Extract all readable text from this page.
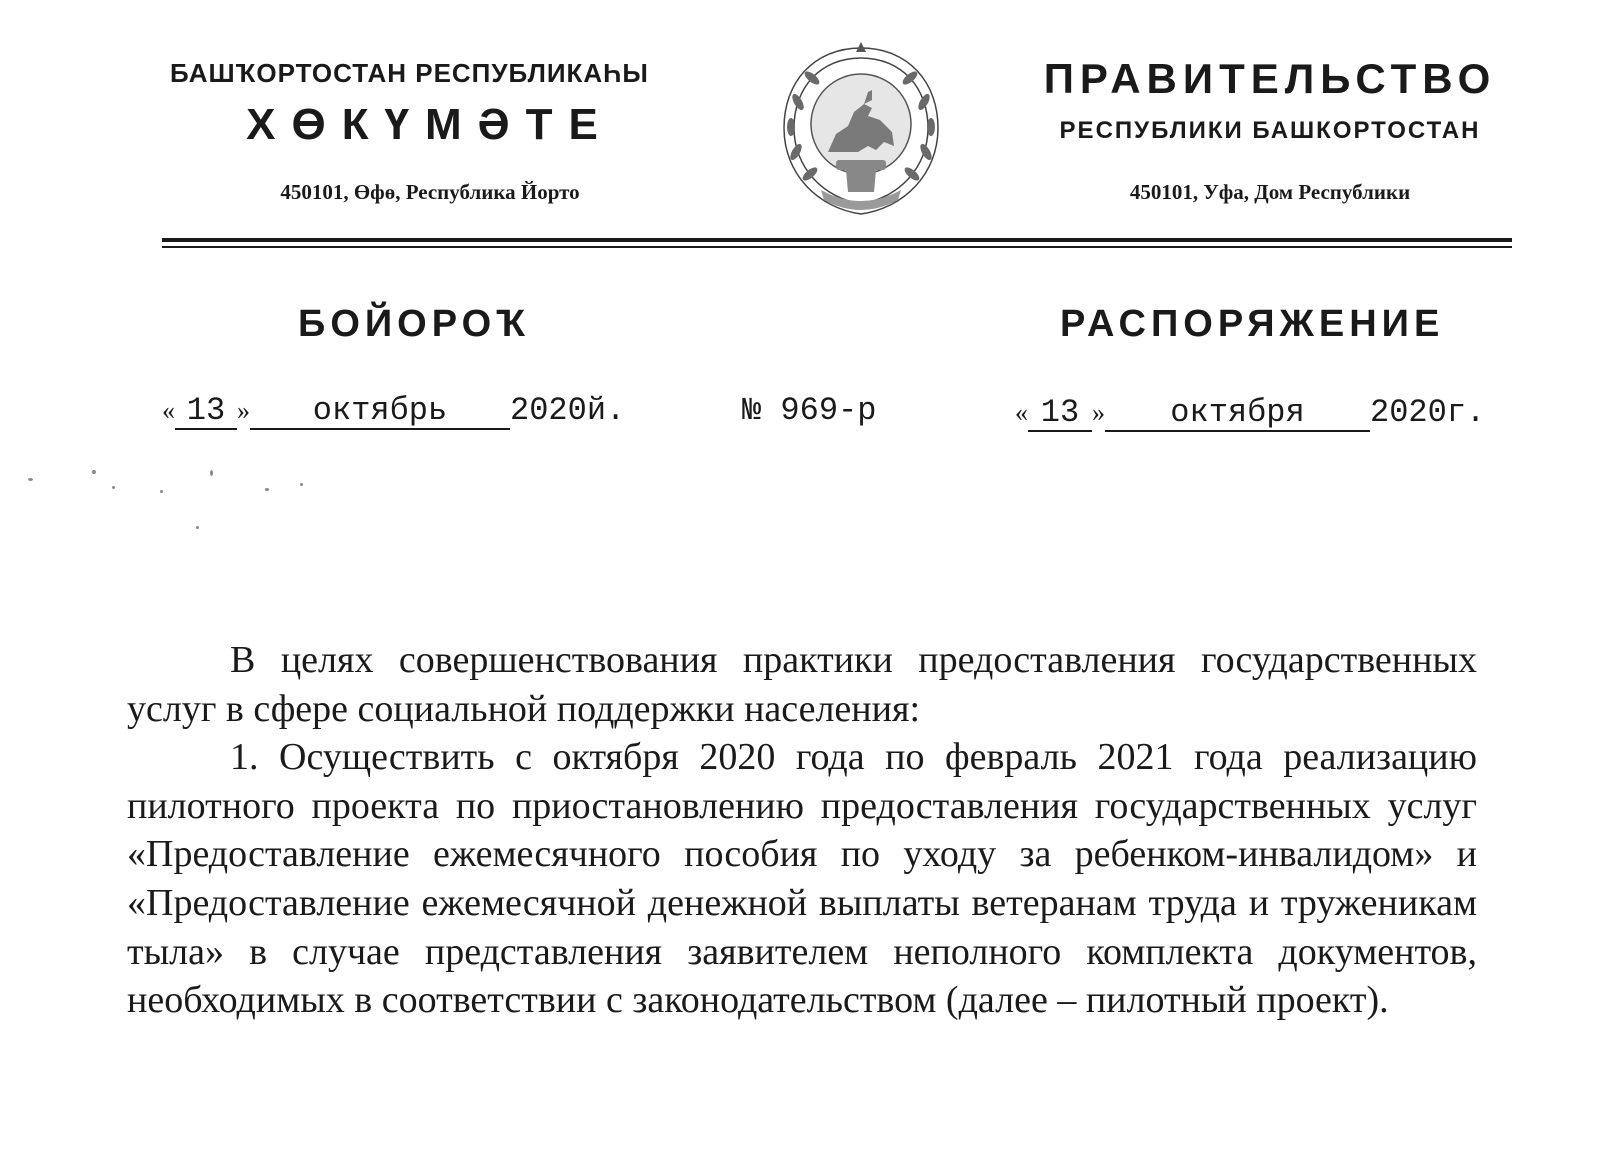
БАШҠОРТОСТАН РЕСПУБЛИКАҺЫ
ХӨКҮМӘТЕ
450101, Өфө, Республика Йорто
ПРАВИТЕЛЬСТВО
РЕСПУБЛИКИ БАШКОРТОСТАН
450101, Уфа, Дом Республики
БОЙОРОҠ	РАСПОРЯЖЕНИЕ
« 13 » октябрь 2020й.	№ 969-р	« 13 » октября 2020г.

В целях совершенствования практики предоставления государственных услуг в сфере социальной поддержки населения:

1. Осуществить с октября 2020 года по февраль 2021 года реализацию пилотного проекта по приостановлению предоставления государственных услуг «Предоставление ежемесячного пособия по уходу за ребенком-инвалидом» и «Предоставление ежемесячной денежной выплаты ветеранам труда и труженикам тыла» в случае представления заявителем неполного комплекта документов, необходимых в соответствии с законодательством (далее – пилотный проект).
